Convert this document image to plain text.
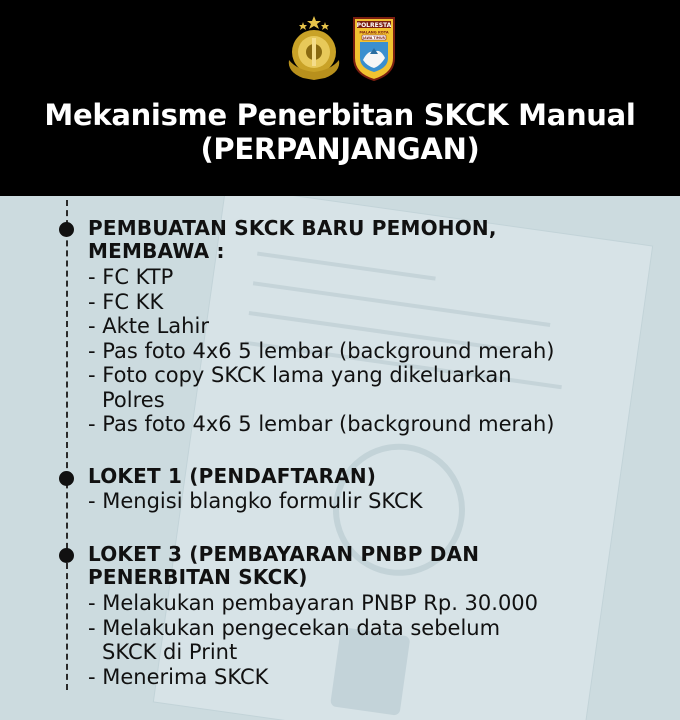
POLRESTA
MALANG KOTA
JAWA TIMUR
Mekanisme Penerbitan SKCK Manual
(PERPANJANGAN)
PEMBUATAN SKCK BARU PEMOHON,
MEMBAWA :
- FC KTP
- FC KK
- Akte Lahir
- Pas foto 4x6 5 lembar (background merah)
- Foto copy SKCK lama yang dikeluarkan
Polres
- Pas foto 4x6 5 lembar (background merah)
LOKET 1 (PENDAFTARAN)
- Mengisi blangko formulir SKCK
LOKET 3 (PEMBAYARAN PNBP DAN
PENERBITAN SKCK)
- Melakukan pembayaran PNBP Rp. 30.000
- Melakukan pengecekan data sebelum
SKCK di Print
- Menerima SKCK
